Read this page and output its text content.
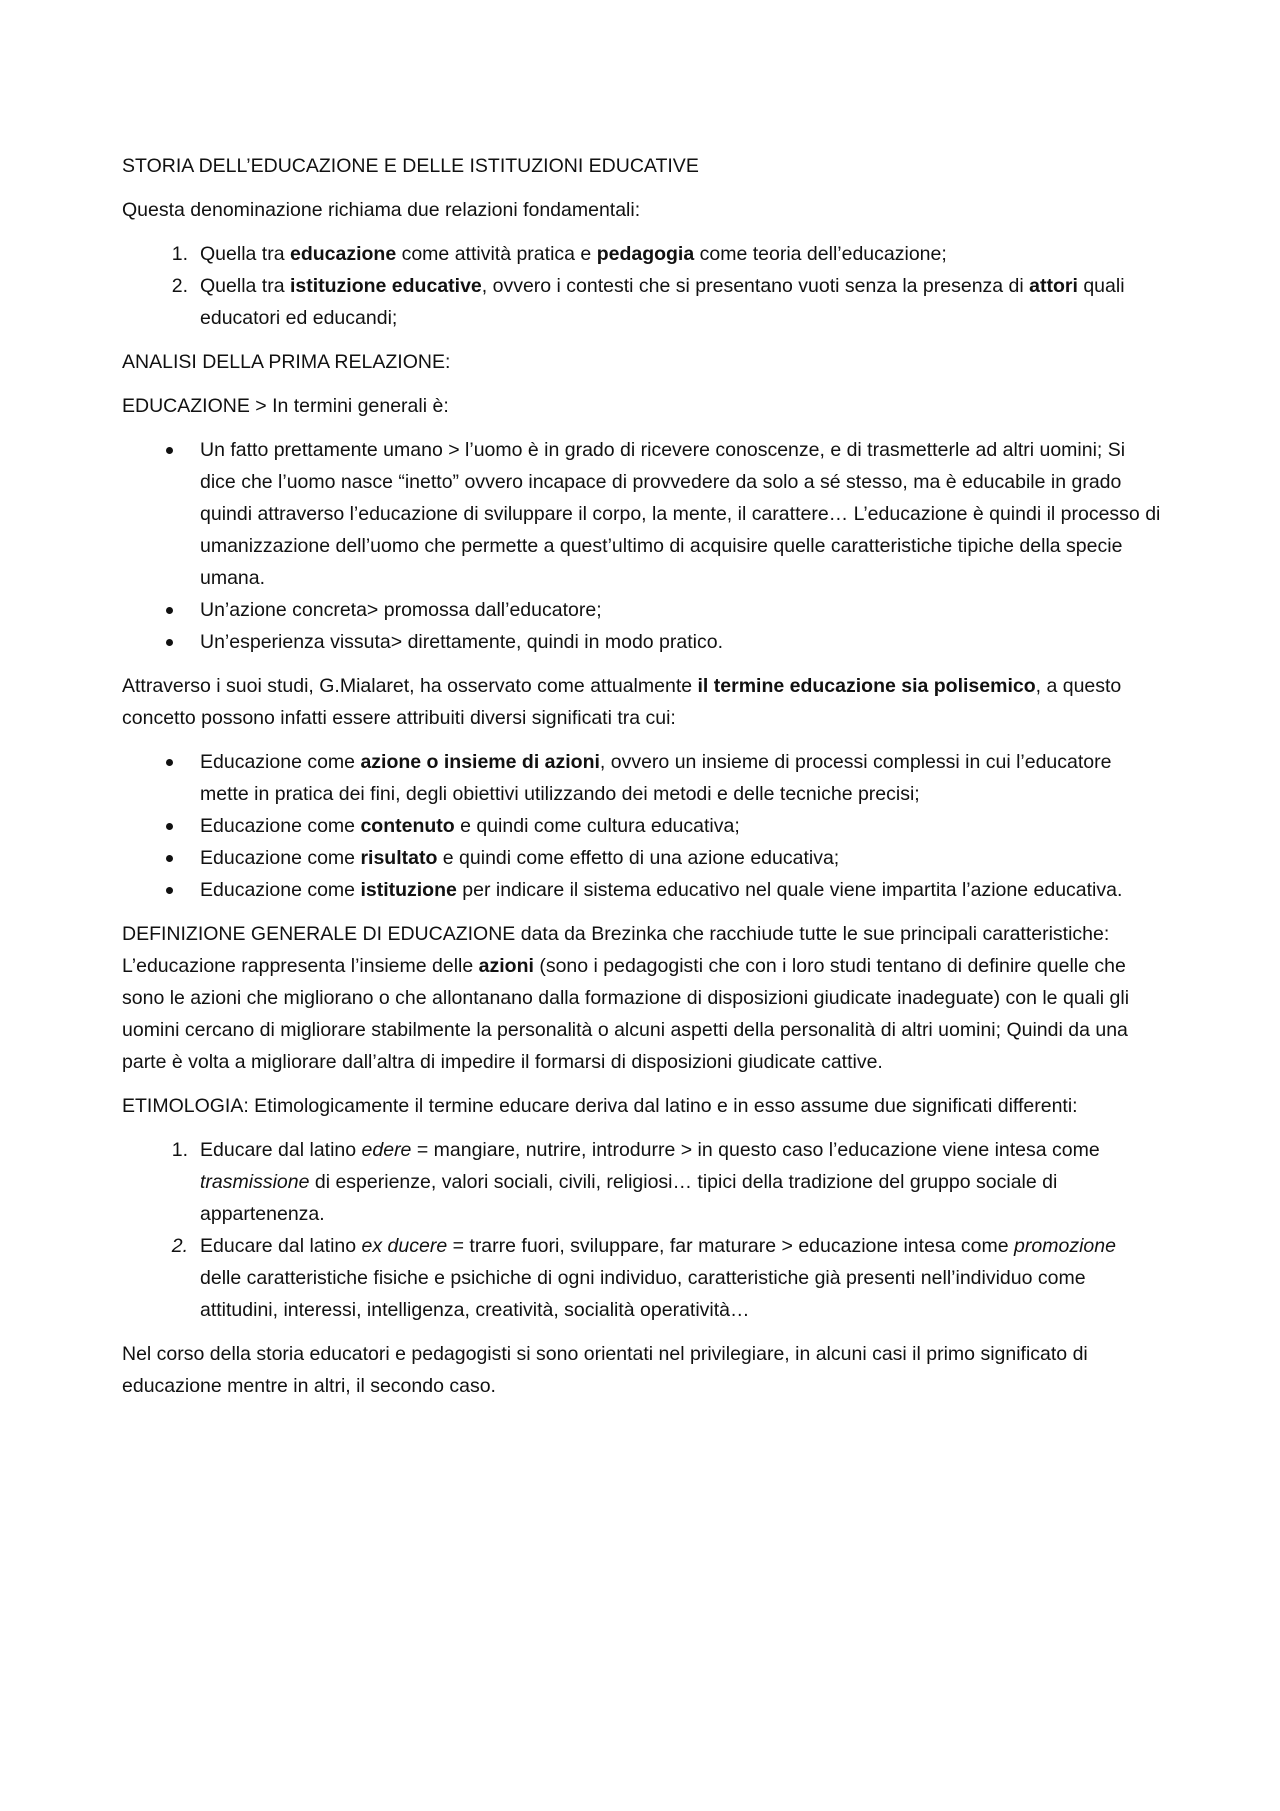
STORIA DELL’EDUCAZIONE E DELLE ISTITUZIONI EDUCATIVE

Questa denominazione richiama due relazioni fondamentali:

1. Quella tra educazione come attività pratica e pedagogia come teoria dell’educazione;
2. Quella tra istituzione educative, ovvero i contesti che si presentano vuoti senza la presenza di attori quali educatori ed educandi;

ANALISI DELLA PRIMA RELAZIONE:

EDUCAZIONE > In termini generali è:

Un fatto prettamente umano > l’uomo è in grado di ricevere conoscenze, e di trasmetterle ad altri uomini; Si dice che l’uomo nasce “inetto” ovvero incapace di provvedere da solo a sé stesso, ma è educabile in grado quindi attraverso l’educazione di sviluppare il corpo, la mente, il carattere… L’educazione è quindi il processo di umanizzazione dell’uomo che permette a quest’ultimo di acquisire quelle caratteristiche tipiche della specie umana.
Un’azione concreta> promossa dall’educatore;
Un’esperienza vissuta> direttamente, quindi in modo pratico.

Attraverso i suoi studi, G.Mialaret, ha osservato come attualmente il termine educazione sia polisemico, a questo concetto possono infatti essere attribuiti diversi significati tra cui:

Educazione come azione o insieme di azioni, ovvero un insieme di processi complessi in cui l’educatore mette in pratica dei fini, degli obiettivi utilizzando dei metodi e delle tecniche precisi;
Educazione come contenuto e quindi come cultura educativa;
Educazione come risultato e quindi come effetto di una azione educativa;
Educazione come istituzione per indicare il sistema educativo nel quale viene impartita l’azione educativa.

DEFINIZIONE GENERALE DI EDUCAZIONE data da Brezinka che racchiude tutte le sue principali caratteristiche:

L’educazione rappresenta l’insieme delle azioni (sono i pedagogisti che con i loro studi tentano di definire quelle che sono le azioni che migliorano o che allontanano dalla formazione di disposizioni giudicate inadeguate) con le quali gli uomini cercano di migliorare stabilmente la personalità o alcuni aspetti della personalità di altri uomini; Quindi da una parte è volta a migliorare dall’altra di impedire il formarsi di disposizioni giudicate cattive.

ETIMOLOGIA: Etimologicamente il termine educare deriva dal latino e in esso assume due significati differenti:

1. Educare dal latino edere = mangiare, nutrire, introdurre > in questo caso l’educazione viene intesa come trasmissione di esperienze, valori sociali, civili, religiosi… tipici della tradizione del gruppo sociale di appartenenza.
2. Educare dal latino ex ducere = trarre fuori, sviluppare, far maturare > educazione intesa come promozione delle caratteristiche fisiche e psichiche di ogni individuo, caratteristiche già presenti nell’individuo come attitudini, interessi, intelligenza, creatività, socialità operatività…

Nel corso della storia educatori e pedagogisti si sono orientati nel privilegiare, in alcuni casi il primo significato di educazione mentre in altri, il secondo caso.
